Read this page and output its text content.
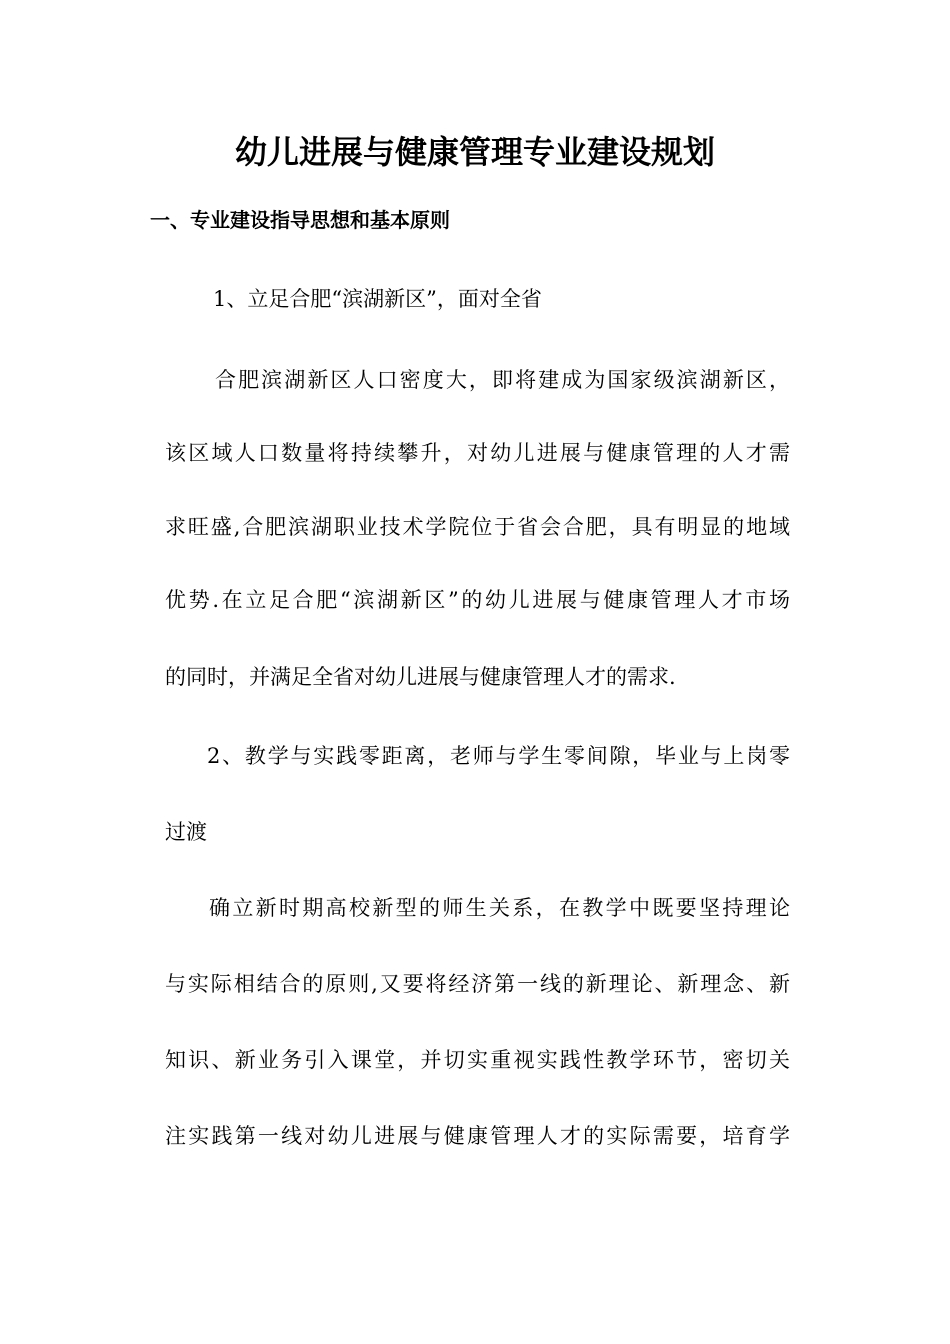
幼儿进展与健康管理专业建设规划
一、专业建设指导思想和基本原则

1、立足合肥“滨湖新区”，面对全省

合肥滨湖新区人口密度大，即将建成为国家级滨湖新区，

该区域人口数量将持续攀升，对幼儿进展与健康管理的人才需

求旺盛,合肥滨湖职业技术学院位于省会合肥，具有明显的地域

优势.在立足合肥“滨湖新区”的幼儿进展与健康管理人才市场

的同时，并满足全省对幼儿进展与健康管理人才的需求.

2、教学与实践零距离，老师与学生零间隙，毕业与上岗零

过渡

确立新时期高校新型的师生关系，在教学中既要坚持理论

与实际相结合的原则,又要将经济第一线的新理论、新理念、新

知识、新业务引入课堂，并切实重视实践性教学环节，密切关

注实践第一线对幼儿进展与健康管理人才的实际需要，培育学
